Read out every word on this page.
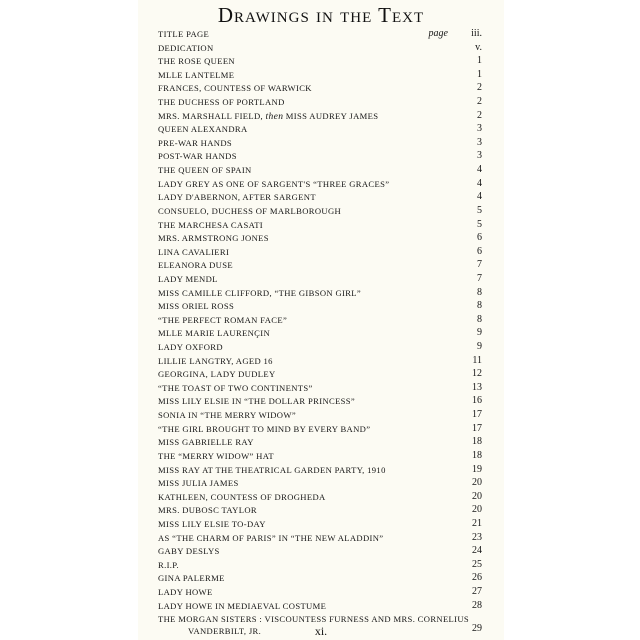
Drawings in the Text
TITLE PAGE	page iii.
DEDICATION	v.
THE ROSE QUEEN	1
MLLE LANTELME	1
FRANCES, COUNTESS OF WARWICK	2
THE DUCHESS OF PORTLAND	2
MRS. MARSHALL FIELD, then MISS AUDREY JAMES	2
QUEEN ALEXANDRA	3
PRE-WAR HANDS	3
POST-WAR HANDS	3
THE QUEEN OF SPAIN	4
LADY GREY AS ONE OF SARGENT'S “THREE GRACES”	4
LADY D'ABERNON, AFTER SARGENT	4
CONSUELO, DUCHESS OF MARLBOROUGH	5
THE MARCHESA CASATI	5
MRS. ARMSTRONG JONES	6
LINA CAVALIERI	6
ELEANORA DUSE	7
LADY MENDL	7
MISS CAMILLE CLIFFORD, “THE GIBSON GIRL”	8
MISS ORIEL ROSS	8
“THE PERFECT ROMAN FACE”	8
MLLE MARIE LAURENÇIN	9
LADY OXFORD	9
LILLIE LANGTRY, AGED 16	11
GEORGINA, LADY DUDLEY	12
“THE TOAST OF TWO CONTINENTS”	13
MISS LILY ELSIE IN “THE DOLLAR PRINCESS”	16
SONIA IN “THE MERRY WIDOW”	17
“THE GIRL BROUGHT TO MIND BY EVERY BAND”	17
MISS GABRIELLE RAY	18
THE “MERRY WIDOW” HAT	18
MISS RAY AT THE THEATRICAL GARDEN PARTY, 1910	19
MISS JULIA JAMES	20
KATHLEEN, COUNTESS OF DROGHEDA	20
MRS. DUBOSC TAYLOR	20
MISS LILY ELSIE TO-DAY	21
AS “THE CHARM OF PARIS” IN “THE NEW ALADDIN”	23
GABY DESLYS	24
R.I.P.	25
GINA PALERME	26
LADY HOWE	27
LADY HOWE IN MEDIAEVAL COSTUME	28
THE MORGAN SISTERS : VISCOUNTESS FURNESS AND MRS. CORNELIUS
VANDERBILT, JR.	29
xi.
